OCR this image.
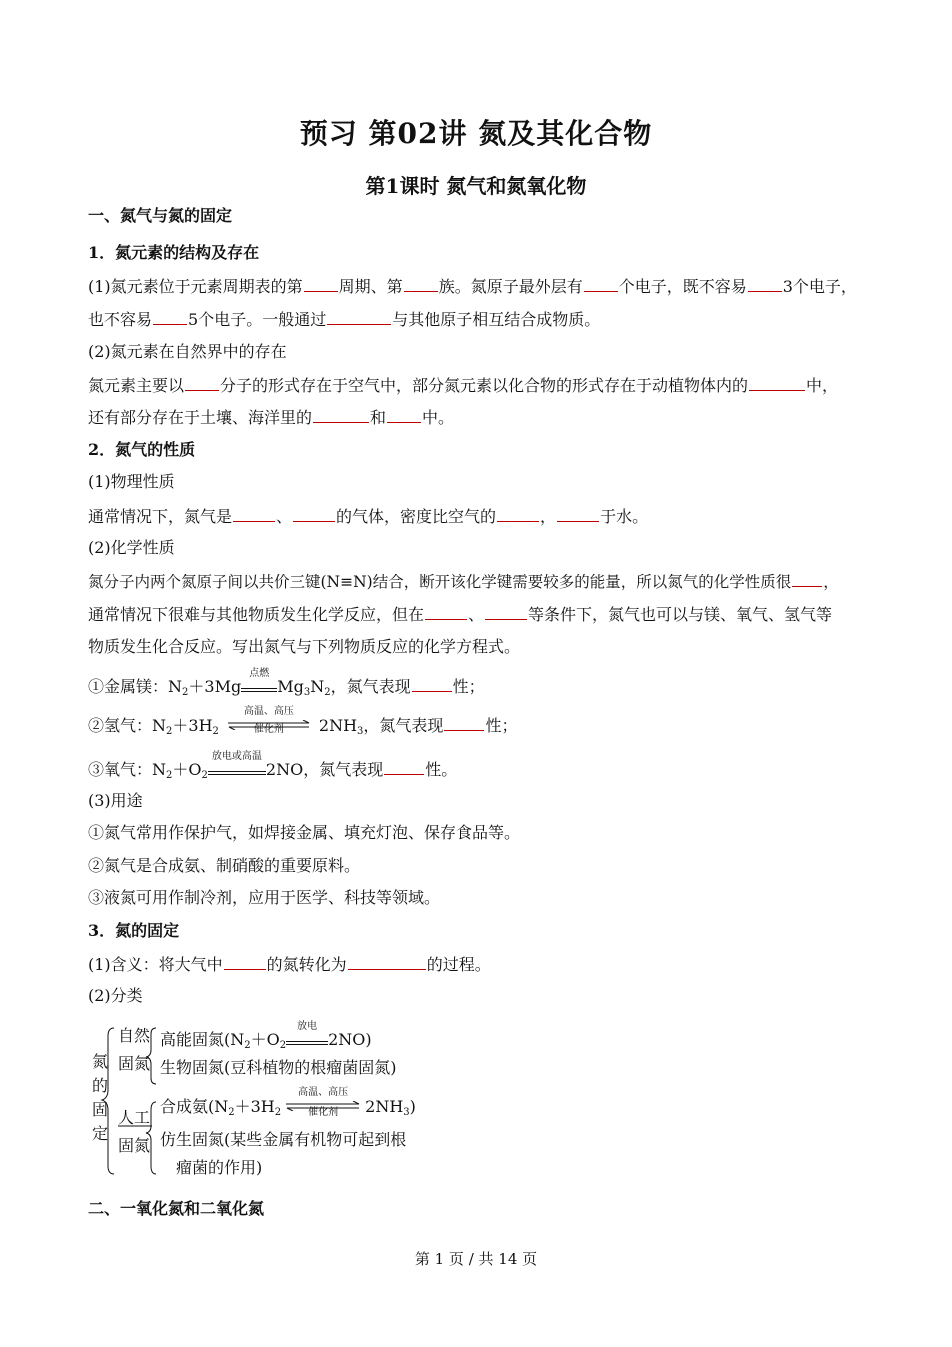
预习 第02讲 氮及其化合物
第1课时 氮气和氮氧化物
一、氮气与氮的固定
1．氮元素的结构及存在
(1)氮元素位于元素周期表的第 周期、第 族。氮原子最外层有 个电子，既不容易 3个电子，
也不容易 5个电子。一般通过	与其他原子相互结合成物质。
(2)氮元素在自然界中的存在
氮元素主要以 分子的形式存在于空气中，部分氮元素以化合物的形式存在于动植物体内的	中，
还有部分存在于土壤、海洋里的	和 中。
2．氮气的性质
(1)物理性质
通常情况下，氮气是	、	的气体，密度比空气的	，	于水。
(2)化学性质
氮分子内两个氮原子间以共价三键(N≡N)结合，断开该化学键需要较多的能量，所以氮气的化学性质很 ，
通常情况下很难与其他物质发生化学反应，但在	、	等条件下，氮气也可以与镁、氧气、氢气等
物质发生化合反应。写出氮气与下列物质反应的化学方程式。
①金属镁：$N_2+3Mg$
点燃
$Mg_3N_2$，氮气表现	性；
②氢气：$N_2+3H_2$
高温、高压
催化剂	$2NH_3$，氮气表现	性；
③氧气：$N_2+O_2$
放电或高温
2NO，氮气表现	性。
(3)用途
①氮气常用作保护气，如焊接金属、填充灯泡、保存食品等。
②氮气是合成氨、制硝酸的重要原料。
③液氮可用作制冷剂，应用于医学、科技等领域。
3．氮的固定
(1)含义：将大气中	的氮转化为	的过程。
(2)分类
氮
的
固
定
自然
固氮
人工
固氮
高能固氮($N_2+O_2$
放电
2NO)
生物固氮(豆科植物的根瘤菌固氮)
合成氨($N_2+3H_2$
高温、高压
催化剂	$2NH_3$)
仿生固氮(某些金属有机物可起到根
瘤菌的作用)
二、一氧化氮和二氧化氮
第 1 页 / 共 14 页
